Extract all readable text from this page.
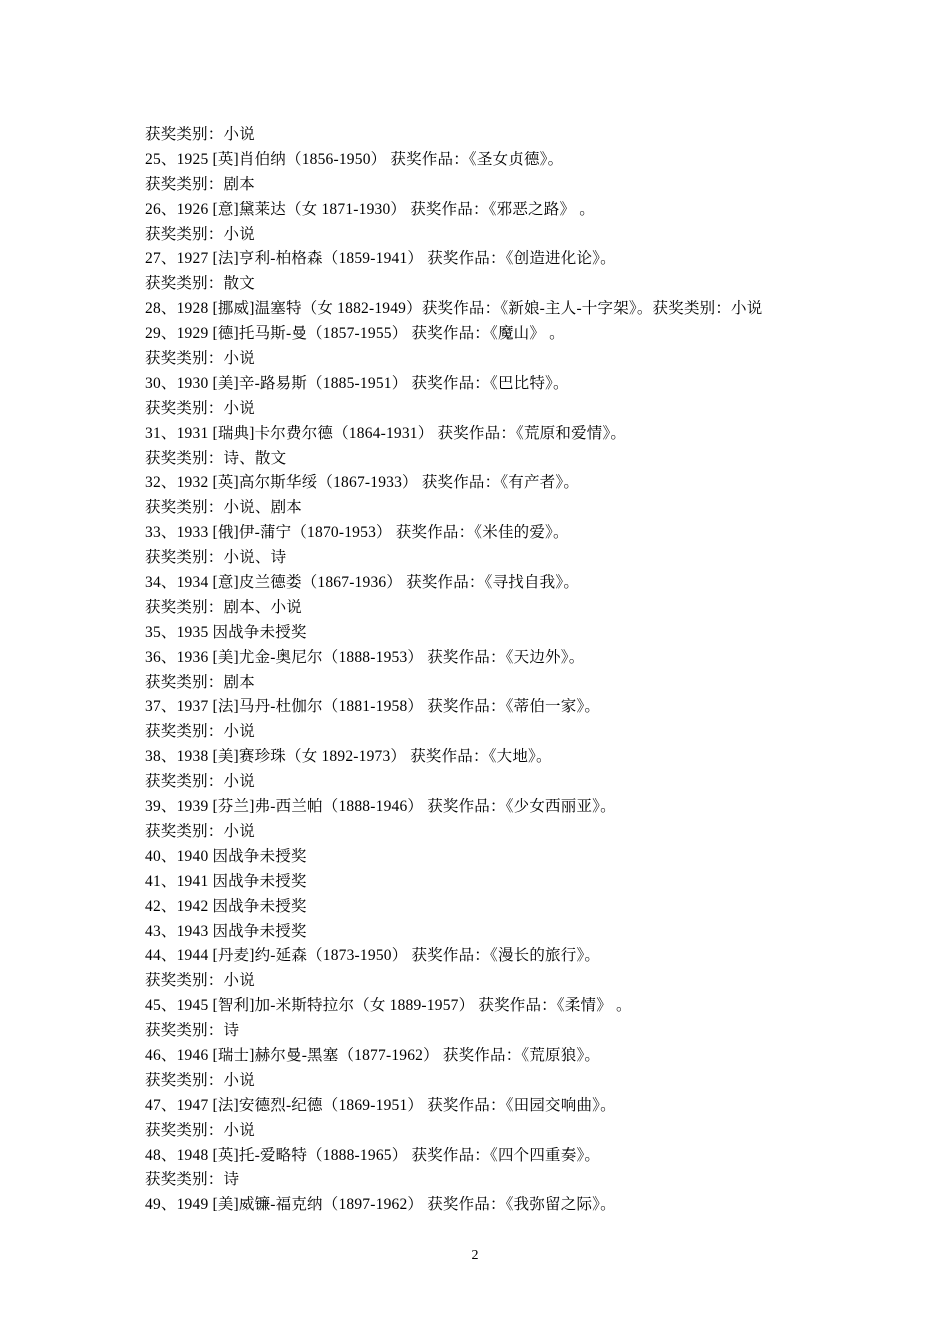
获奖类别：小说
25、1925 [英]肖伯纳（1856-1950） 获奖作品：《圣女贞德》。
获奖类别：剧本
26、1926 [意]黛莱达（女 1871-1930） 获奖作品：《邪恶之路》 。
获奖类别：小说
27、1927 [法]亨利-柏格森（1859-1941） 获奖作品：《创造进化论》。
获奖类别：散文
28、1928 [挪威]温塞特（女 1882-1949）获奖作品：《新娘-主人-十字架》。获奖类别：小说
29、1929 [德]托马斯-曼（1857-1955） 获奖作品：《魔山》 。
获奖类别：小说
30、1930 [美]辛-路易斯（1885-1951） 获奖作品：《巴比特》。
获奖类别：小说
31、1931 [瑞典]卡尔费尔德（1864-1931） 获奖作品：《荒原和爱情》。
获奖类别：诗、散文
32、1932 [英]高尔斯华绥（1867-1933） 获奖作品：《有产者》。
获奖类别：小说、剧本
33、1933 [俄]伊-蒲宁（1870-1953） 获奖作品：《米佳的爱》。
获奖类别：小说、诗
34、1934 [意]皮兰德娄（1867-1936） 获奖作品：《寻找自我》。
获奖类别：剧本、小说
35、1935 因战争未授奖
36、1936 [美]尤金-奥尼尔（1888-1953） 获奖作品：《天边外》。
获奖类别：剧本
37、1937 [法]马丹-杜伽尔（1881-1958） 获奖作品：《蒂伯一家》。
获奖类别：小说
38、1938 [美]赛珍珠（女 1892-1973） 获奖作品：《大地》。
获奖类别：小说
39、1939 [芬兰]弗-西兰帕（1888-1946） 获奖作品：《少女西丽亚》。
获奖类别：小说
40、1940 因战争未授奖
41、1941 因战争未授奖
42、1942 因战争未授奖
43、1943 因战争未授奖
44、1944 [丹麦]约-延森（1873-1950） 获奖作品：《漫长的旅行》。
获奖类别：小说
45、1945 [智利]加-米斯特拉尔（女 1889-1957） 获奖作品：《柔情》 。
获奖类别：诗
46、1946 [瑞士]赫尔曼-黑塞（1877-1962） 获奖作品：《荒原狼》。
获奖类别：小说
47、1947 [法]安德烈-纪德（1869-1951） 获奖作品：《田园交响曲》。
获奖类别：小说
48、1948 [英]托-爱略特（1888-1965） 获奖作品：《四个四重奏》。
获奖类别：诗
49、1949 [美]威镰-福克纳（1897-1962） 获奖作品：《我弥留之际》。
2
